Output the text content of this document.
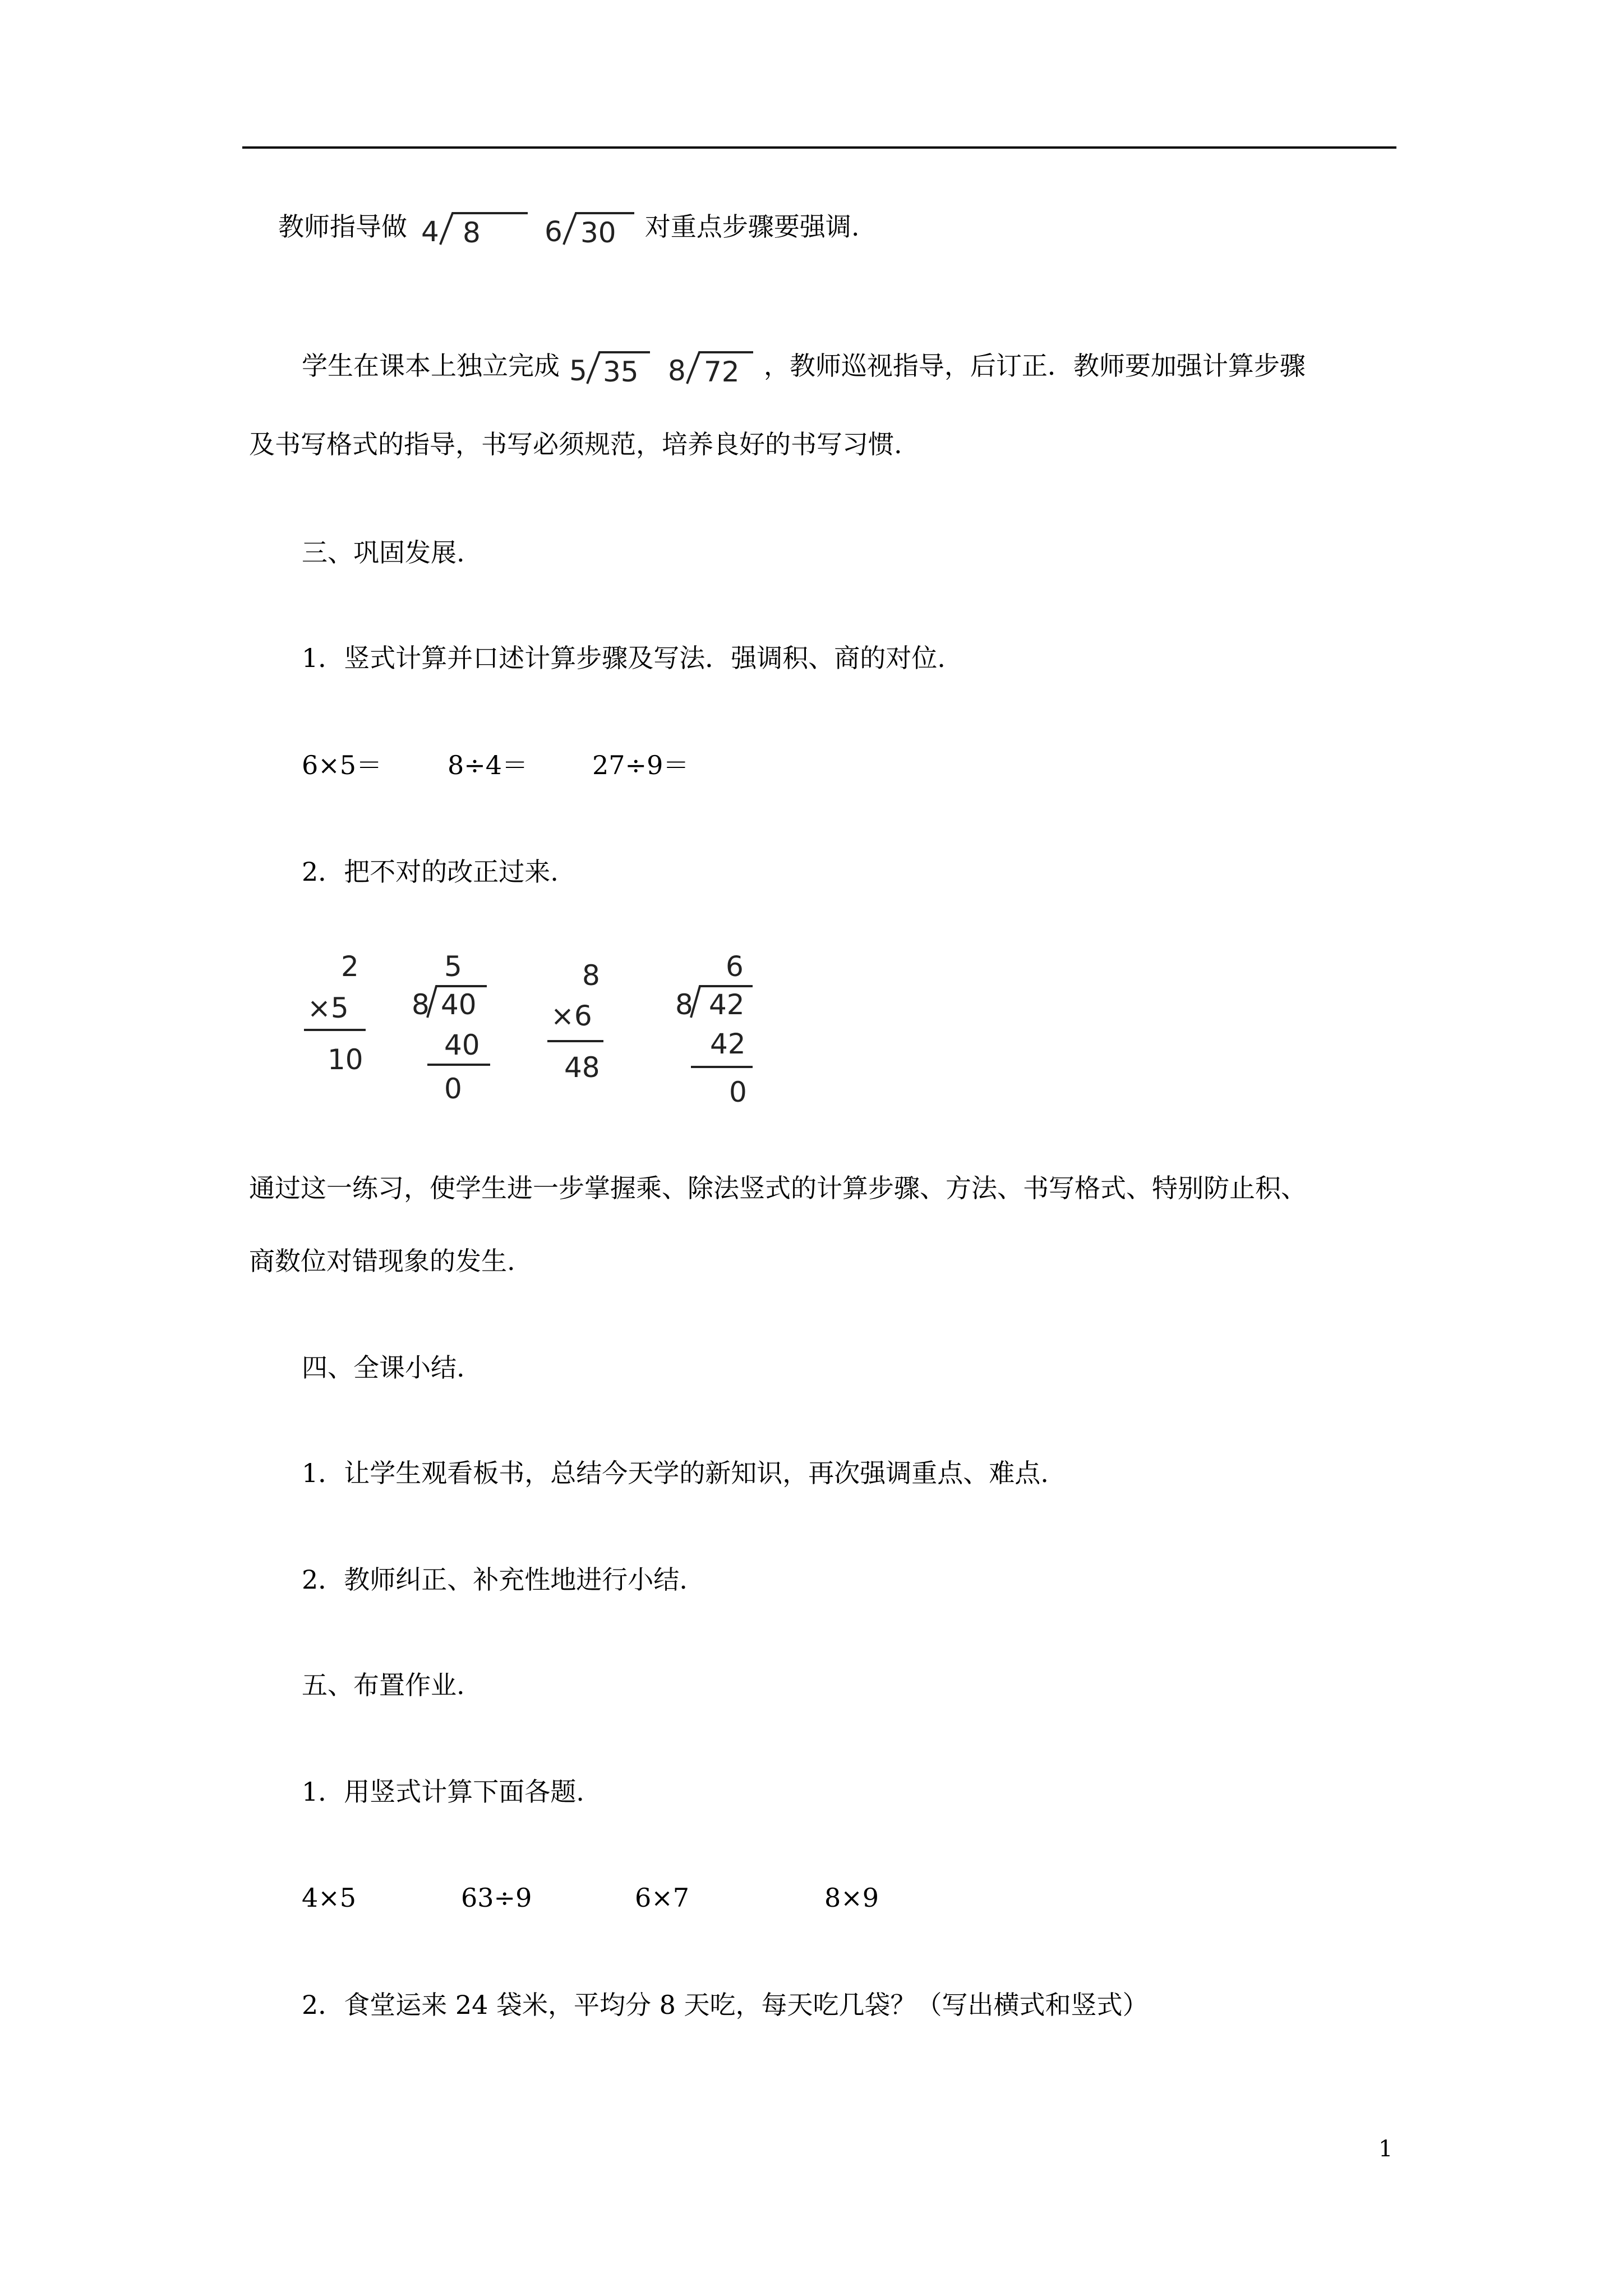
教师指导做 4 8
6 30 对重点步骤要强调.
学生在课本上独立完成 5 35
8 72 ，教师巡视指导，后订正．教师要加强计算步骤
及书写格式的指导，书写必须规范，培养良好的书写习惯.
三、巩固发展.
1．竖式计算并口述计算步骤及写法．强调积、商的对位.
6×5＝	8÷4＝ 27÷9＝
2．把不对的改正过来.
2
×5
10
5
8 40
40
0
8
×6
48
6
8 42
42
0
通过这一练习，使学生进一步掌握乘、除法竖式的计算步骤、方法、书写格式、特别防止积、
商数位对错现象的发生.
四、全课小结.
1．让学生观看板书，总结今天学的新知识，再次强调重点、难点.
2．教师纠正、补充性地进行小结.
五、布置作业.
1．用竖式计算下面各题.
4×5	63÷9	6×7	8×9
2．食堂运来 24 袋米，平均分 8 天吃，每天吃几袋？（写出横式和竖式）
1
